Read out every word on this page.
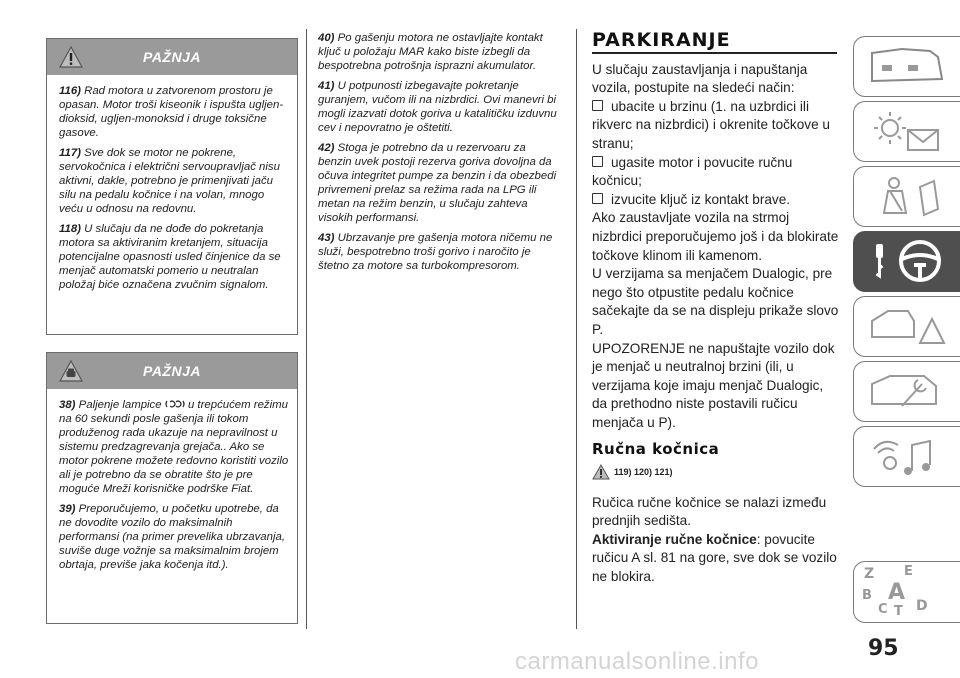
PAŽNJA

116) Rad motora u zatvorenom prostoru je opasan. Motor troši kiseonik i ispušta ugljen-dioksid, ugljen-monoksid i druge toksične gasove.

117) Sve dok se motor ne pokrene, servokočnica i električni servoupravljač nisu aktivni, dakle, potrebno je primenjivati jaču silu na pedalu kočnice i na volan, mnogo veću u odnosu na redovnu.

118) U slučaju da ne dođe do pokretanja motora sa aktiviranim kretanjem, situacija potencijalne opasnosti usled činjenice da se menjač automatski pomerio u neutralan položaj biće označena zvučnim signalom.

PAŽNJA

38) Paljenje lampice u trepćućem režimu na 60 sekundi posle gašenja ili tokom produženog rada ukazuje na nepravilnost u sistemu predzagrevanja grejača.. Ako se motor pokrene možete redovno koristiti vozilo ali je potrebno da se obratite što je pre moguće Mreži korisničke podrške Fiat.

39) Preporučujemo, u početku upotrebe, da ne dovodite vozilo do maksimalnih performansi (na primer prevelika ubrzavanja, suviše duge vožnje sa maksimalnim brojem obrtaja, previše jaka kočenja itd.).

40) Po gašenju motora ne ostavljajte kontakt ključ u položaju MAR kako biste izbegli da bespotrebna potrošnja isprazni akumulator.

41) U potpunosti izbegavajte pokretanje guranjem, vučom ili na nizbrdici. Ovi manevri bi mogli izazvati dotok goriva u katalitičku izduvnu cev i nepovratno je oštetiti.

42) Stoga je potrebno da u rezervoaru za benzin uvek postoji rezerva goriva dovoljna da očuva integritet pumpe za benzin i da obezbedi privremeni prelaz sa režima rada na LPG ili metan na režim benzin, u slučaju zahteva visokih performansi.

43) Ubrzavanje pre gašenja motora ničemu ne služi, bespotrebno troši gorivo i naročito je štetno za motore sa turbokompresorom.

PARKIRANJE

U slučaju zaustavljanja i napuštanja vozila, postupite na sledeći način:

ubacite u brzinu (1. na uzbrdici ili rikverc na nizbrdici) i okrenite točkove u stranu;

ugasite motor i povucite ručnu kočnicu;

izvucite ključ iz kontakt brave.

Ako zaustavljate vozila na strmoj nizbrdici preporučujemo još i da blokirate točkove klinom ili kamenom.

U verzijama sa menjačem Dualogic, pre nego što otpustite pedalu kočnice sačekajte da se na displeju prikaže slovo P.

UPOZORENJE ne napuštajte vozilo dok je menjač u neutralnoj brzini (ili, u verzijama koje imaju menjač Dualogic, da prethodno niste postavili ručicu menjača u P).

Ručna kočnica
$^{119) 120) 121)}$

Ručica ručne kočnice se nalazi između prednjih sedišta.

Aktiviranje ručne kočnice: povucite ručicu A sl. 81 na gore, sve dok se vozilo ne blokira.	Z E
B A
C T D
95
carmanualsonline.info
